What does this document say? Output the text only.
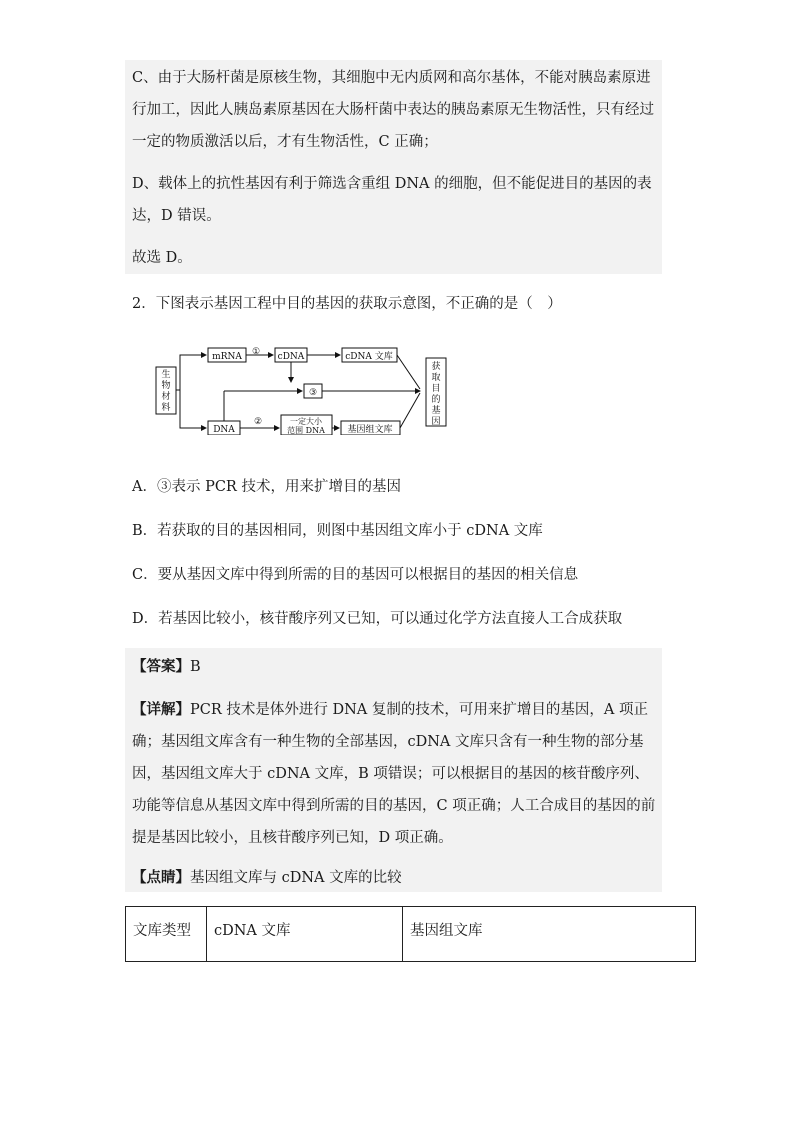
C、由于大肠杆菌是原核生物，其细胞中无内质网和高尔基体，不能对胰岛素原进行加工，因此人胰岛素原基因在大肠杆菌中表达的胰岛素原无生物活性，只有经过一定的物质激活以后，才有生物活性，C 正确；

D、载体上的抗性基因有利于筛选含重组 DNA 的细胞，但不能促进目的基因的表达，D 错误。

故选 D。

2．下图表示基因工程中目的基因的获取示意图，不正确的是（　）

生
物
材
料
mRNA ① cDNA	cDNA 文库
③
DNA
②	一定大小
范围 DNA	基因组文库
获
取
目
的
基
因

A．③表示 PCR 技术，用来扩增目的基因

B．若获取的目的基因相同，则图中基因组文库小于 cDNA 文库

C．要从基因文库中得到所需的目的基因可以根据目的基因的相关信息

D．若基因比较小，核苷酸序列又已知，可以通过化学方法直接人工合成获取

【答案】B

【详解】PCR 技术是体外进行 DNA 复制的技术，可用来扩增目的基因，A 项正确；基因组文库含有一种生物的全部基因，cDNA 文库只含有一种生物的部分基因，基因组文库大于 cDNA 文库，B 项错误；可以根据目的基因的核苷酸序列、功能等信息从基因文库中得到所需的目的基因，C 项正确；人工合成目的基因的前提是基因比较小，且核苷酸序列已知，D 项正确。

【点睛】基因组文库与 cDNA 文库的比较

文库类型	cDNA 文库	基因组文库
